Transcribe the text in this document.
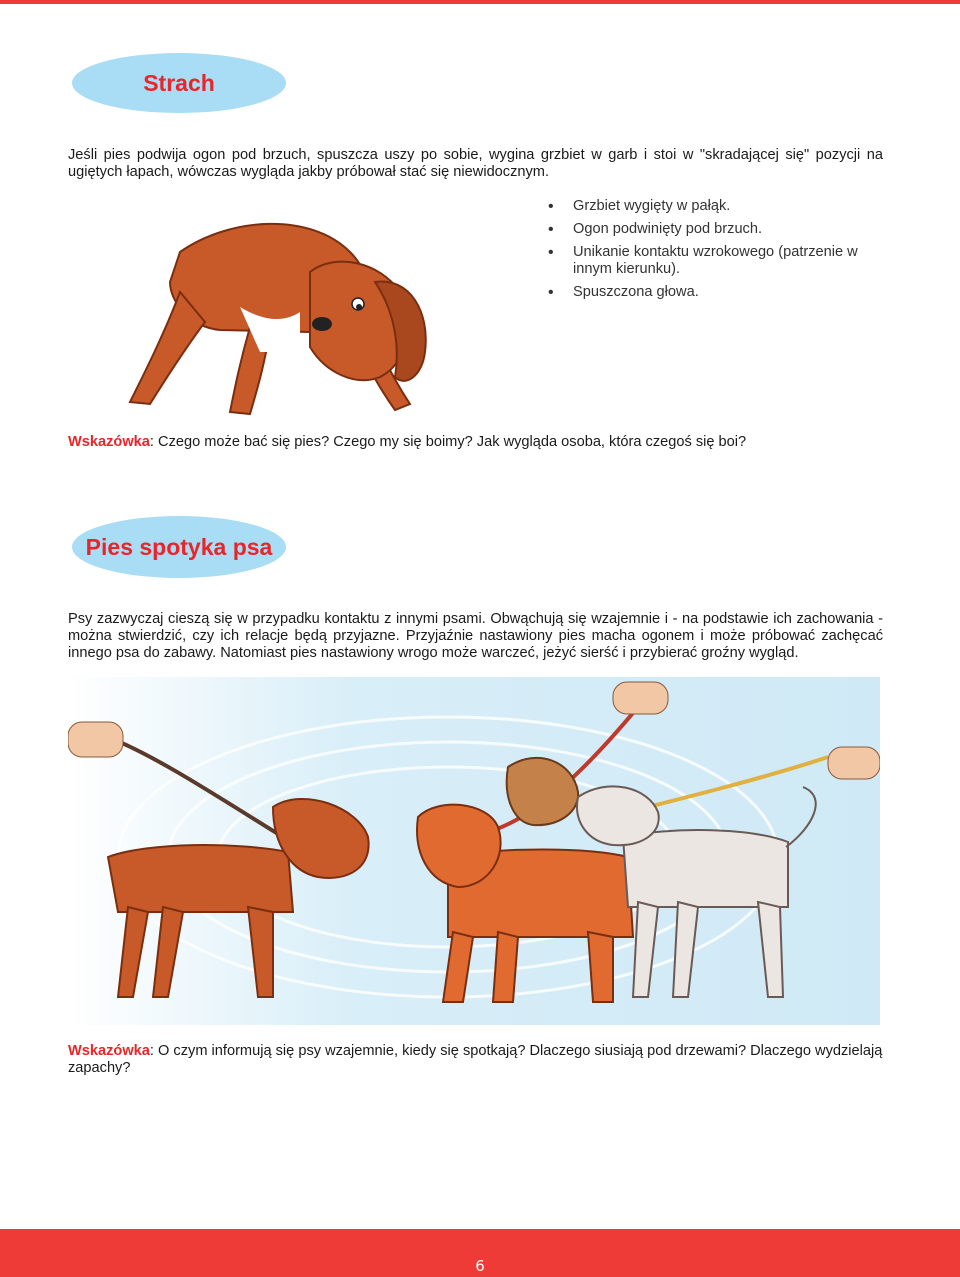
Strach
Jeśli pies podwija ogon pod brzuch, spuszcza uszy po sobie, wygina grzbiet w garb i stoi w "skradającej się" pozycji na ugiętych łapach, wówczas wygląda jakby próbował stać się niewidocznym.
• Grzbiet wygięty w pałąk.
• Ogon podwinięty pod brzuch.
• Unikanie kontaktu wzrokowego (patrzenie w innym kierunku).
• Spuszczona głowa.
Wskazówka: Czego może bać się pies? Czego my się boimy? Jak wygląda osoba, która czegoś się boi?
Pies spotyka psa
Psy zazwyczaj cieszą się w przypadku kontaktu z innymi psami. Obwąchują się wzajemnie i - na podstawie ich zachowania - można stwierdzić, czy ich relacje będą przyjazne. Przyjaźnie nastawiony pies macha ogonem i może próbować zachęcać innego psa do zabawy. Natomiast pies nastawiony wrogo może warczeć, jeżyć sierść i przybierać groźny wygląd.
Wskazówka: O czym informują się psy wzajemnie, kiedy się spotkają? Dlaczego siusiają pod drzewami? Dlaczego wydzielają zapachy?
6
